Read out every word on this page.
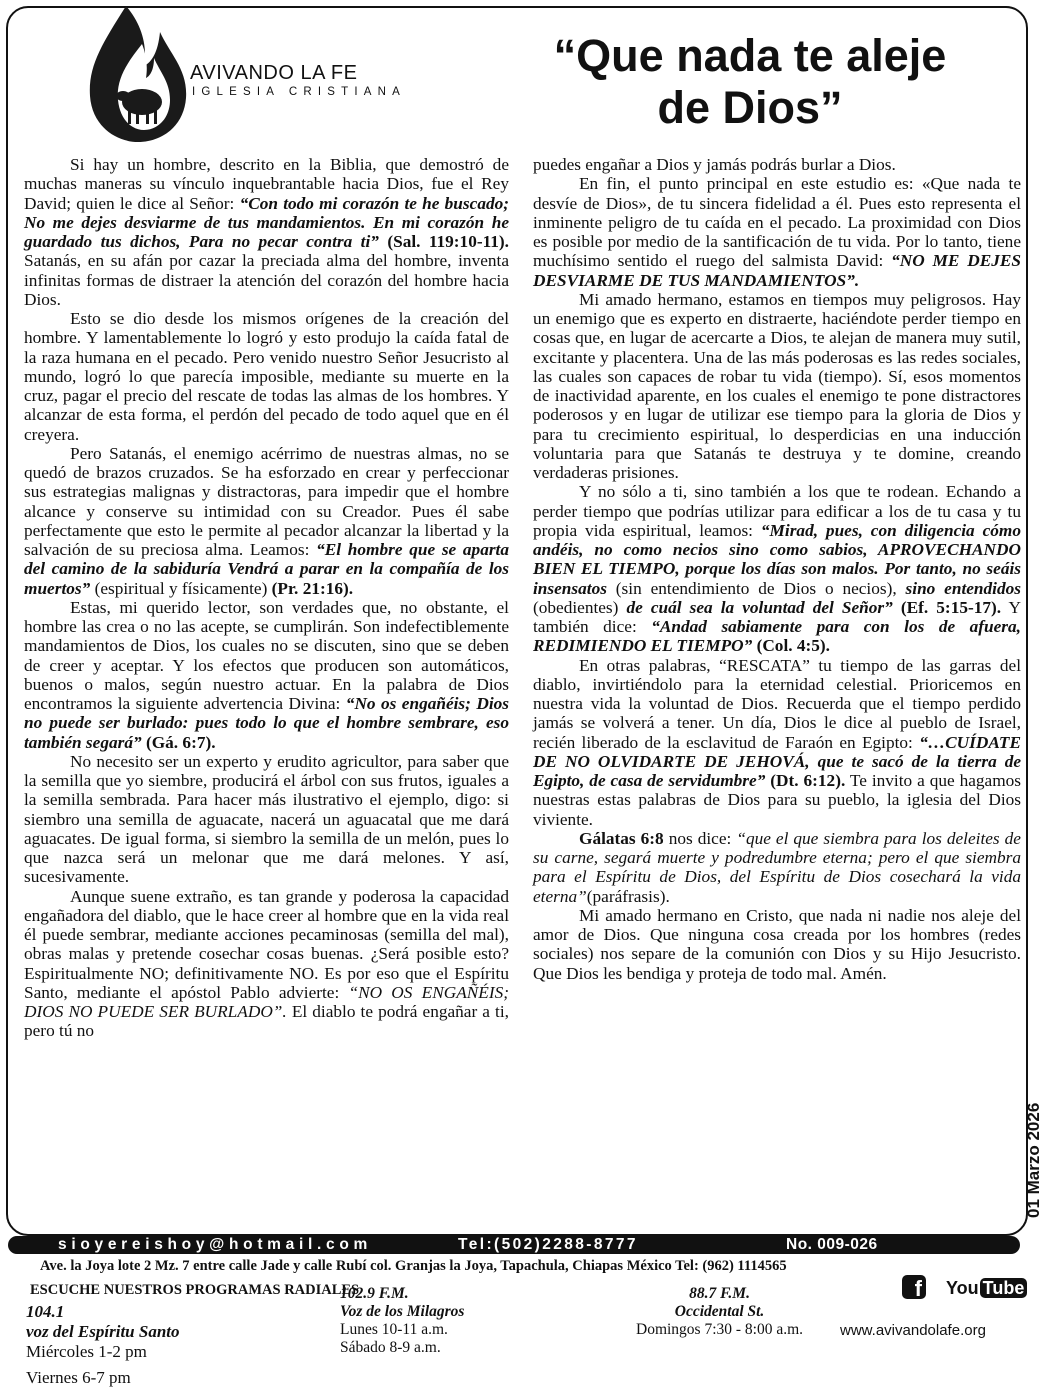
AVIVANDO LA FE
IGLESIA CRISTIANA
“Que nada te aleje
de Dios”

Si hay un hombre, descrito en la Biblia, que demostró de muchas maneras su vínculo inquebrantable hacia Dios, fue el Rey David; quien le dice al Señor: “Con todo mi corazón te he buscado; No me dejes desviarme de tus mandamientos. En mi corazón he guardado tus dichos, Para no pecar contra ti” (Sal. 119:10-11). Satanás, en su afán por cazar la preciada alma del hombre, inventa infinitas formas de distraer la atención del corazón del hombre hacia Dios.

Esto se dio desde los mismos orígenes de la creación del hombre. Y lamentablemente lo logró y esto produjo la caída fatal de la raza humana en el pecado. Pero venido nuestro Señor Jesucristo al mundo, logró lo que parecía imposible, mediante su muerte en la cruz, pagar el precio del rescate de todas las almas de los hombres. Y alcanzar de esta forma, el perdón del pecado de todo aquel que en él creyera.

Pero Satanás, el enemigo acérrimo de nuestras almas, no se quedó de brazos cruzados. Se ha esforzado en crear y perfeccionar sus estrategias malignas y distractoras, para impedir que el hombre alcance y conserve su intimidad con su Creador. Pues él sabe perfectamente que esto le permite al pecador alcanzar la libertad y la salvación de su preciosa alma. Leamos: “El hombre que se aparta del camino de la sabiduría Vendrá a parar en la compañía de los muertos” (espiritual y físicamente) (Pr. 21:16).

Estas, mi querido lector, son verdades que, no obstante, el hombre las crea o no las acepte, se cumplirán. Son indefectiblemente mandamientos de Dios, los cuales no se discuten, sino que se deben de creer y aceptar. Y los efectos que producen son automáticos, buenos o malos, según nuestro actuar. En la palabra de Dios encontramos la siguiente advertencia Divina: “No os engañéis; Dios no puede ser burlado: pues todo lo que el hombre sembrare, eso también segará” (Gá. 6:7).

No necesito ser un experto y erudito agricultor, para saber que la semilla que yo siembre, producirá el árbol con sus frutos, iguales a la semilla sembrada. Para hacer más ilustrativo el ejemplo, digo: si siembro una semilla de aguacate, nacerá un aguacatal que me dará aguacates. De igual forma, si siembro la semilla de un melón, pues lo que nazca será un melonar que me dará melones. Y así, sucesivamente.

Aunque suene extraño, es tan grande y poderosa la capacidad engañadora del diablo, que le hace creer al hombre que en la vida real él puede sembrar, mediante acciones pecaminosas (semilla del mal), obras malas y pretende cosechar cosas buenas. ¿Será posible esto? Espiritualmente NO; definitivamente NO. Es por eso que el Espíritu Santo, mediante el apóstol Pablo advierte: “NO OS ENGAÑÉIS; DIOS NO PUEDE SER BURLADO”. El diablo te podrá engañar a ti, pero tú no

puedes engañar a Dios y jamás podrás burlar a Dios.

En fin, el punto principal en este estudio es: «Que nada te desvíe de Dios», de tu sincera fidelidad a él. Pues esto representa el inminente peligro de tu caída en el pecado. La proximidad con Dios es posible por medio de la santificación de tu vida. Por lo tanto, tiene muchísimo sentido el ruego del salmista David: “NO ME DEJES DESVIARME DE TUS MANDAMIENTOS”.

Mi amado hermano, estamos en tiempos muy peligrosos. Hay un enemigo que es experto en distraerte, haciéndote perder tiempo en cosas que, en lugar de acercarte a Dios, te alejan de manera muy sutil, excitante y placentera. Una de las más poderosas es las redes sociales, las cuales son capaces de robar tu vida (tiempo). Sí, esos momentos de inactividad aparente, en los cuales el enemigo te pone distractores poderosos y en lugar de utilizar ese tiempo para la gloria de Dios y para tu crecimiento espiritual, lo desperdicias en una inducción voluntaria para que Satanás te destruya y te domine, creando verdaderas prisiones.

Y no sólo a ti, sino también a los que te rodean. Echando a perder tiempo que podrías utilizar para edificar a los de tu casa y tu propia vida espiritual, leamos: “Mirad, pues, con diligencia cómo andéis, no como necios sino como sabios, APROVECHANDO BIEN EL TIEMPO, porque los días son malos. Por tanto, no seáis insensatos (sin entendimiento de Dios o necios), sino entendidos (obedientes) de cuál sea la voluntad del Señor” (Ef. 5:15-17). Y también dice: “Andad sabiamente para con los de afuera, REDIMIENDO EL TIEMPO” (Col. 4:5).

En otras palabras, “RESCATA” tu tiempo de las garras del diablo, invirtiéndolo para la eternidad celestial. Prioricemos en nuestra vida la voluntad de Dios. Recuerda que el tiempo perdido jamás se volverá a tener. Un día, Dios le dice al pueblo de Israel, recién liberado de la esclavitud de Faraón en Egipto: “…CUÍDATE DE NO OLVIDARTE DE JEHOVÁ, que te sacó de la tierra de Egipto, de casa de servidumbre” (Dt. 6:12). Te invito a que hagamos nuestras estas palabras de Dios para su pueblo, la iglesia del Dios viviente.

Gálatas 6:8 nos dice: “que el que siembra para los deleites de su carne, segará muerte y podredumbre eterna; pero el que siembra para el Espíritu de Dios, del Espíritu de Dios cosechará la vida eterna”(paráfrasis).

Mi amado hermano en Cristo, que nada ni nadie nos aleje del amor de Dios. Que ninguna cosa creada por los hombres (redes sociales) nos separe de la comunión con Dios y su Hijo Jesucristo. Que Dios les bendiga y proteja de todo mal. Amén.

01 Marzo 2026
sioyereishoy@hotmail.com	Tel:(502)2288-8777	No. 009-026
Ave. la Joya lote 2 Mz. 7 entre calle Jade y calle Rubí col. Granjas la Joya, Tapachula, Chiapas México Tel: (962) 1114565
ESCUCHE NUESTROS PROGRAMAS RADIALES
104.1
voz del Espíritu Santo
Miércoles 1-2 pm
Viernes 6-7 pm
102.9 F.M.
Voz de los Milagros
Lunes 10-11 a.m.
Sábado 8-9 a.m.
88.7 F.M.
Occidental St.
Domingos 7:30 - 8:00 a.m.
f You Tube
www.avivandolafe.org
